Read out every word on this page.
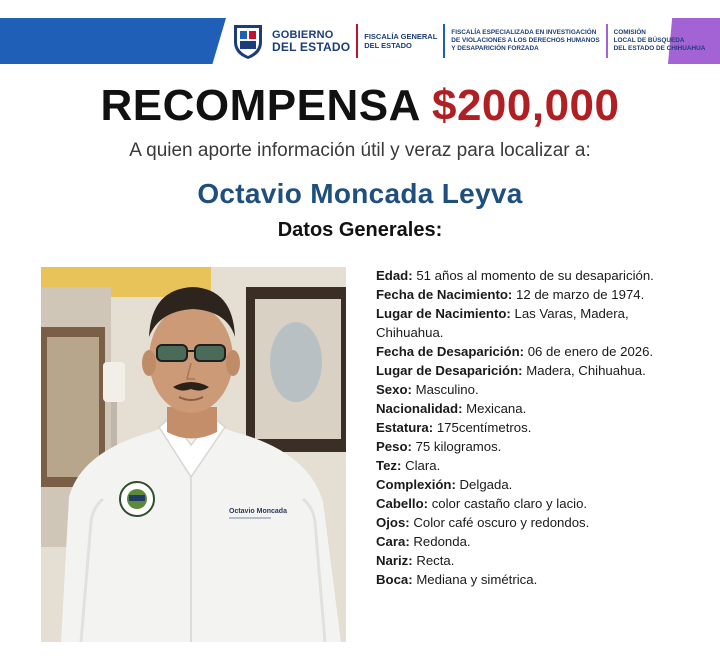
GOBIERNO
DEL ESTADO
FISCALÍA GENERAL
DEL ESTADO
FISCALÍA ESPECIALIZADA EN INVESTIGACIÓN
DE VIOLACIONES A LOS DERECHOS HUMANOS
Y DESAPARICIÓN FORZADA
COMISIÓN
LOCAL DE BÚSQUEDA
DEL ESTADO DE CHIHUAHUA
RECOMPENSA $200,000
A quien aporte información útil y veraz para localizar a:
Octavio Moncada Leyva
Datos Generales:
Octavio Moncada
Edad: 51 años al momento de su desaparición.
Fecha de Nacimiento: 12 de marzo de 1974.
Lugar de Nacimiento: Las Varas, Madera, Chihuahua.
Fecha de Desaparición: 06 de enero de 2026.
Lugar de Desaparición: Madera, Chihuahua.
Sexo: Masculino.
Nacionalidad: Mexicana.
Estatura: 175centímetros.
Peso: 75 kilogramos.
Tez: Clara.
Complexión: Delgada.
Cabello: color castaño claro y lacio.
Ojos: Color café oscuro y redondos.
Cara: Redonda.
Nariz: Recta.
Boca: Mediana y simétrica.
